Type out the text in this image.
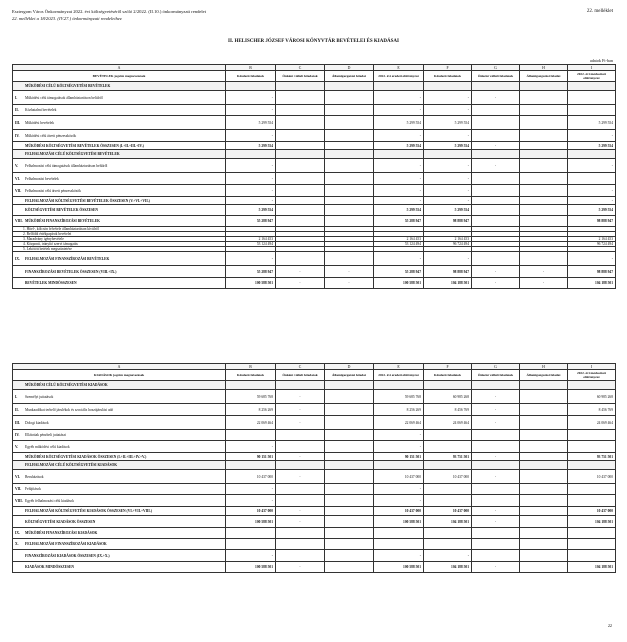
Esztergom Város Önkormányzat 2022. évi költségvetéséről szóló 2/2022. (II.10.) önkormányzati rendelet
22. melléklet a 18/2023. (IV.27.) önkormányzati rendelethez
22. melléklet
II. HELISCHER JÓZSEF VÁROSI KÖNYVTÁR BEVÉTELEI ÉS KIADÁSAI
adatok Ft-ban
A	B	C	D	E	F	G	H	I
BEVÉTELEK jogcím megnevezések	Kötelező feladatok	Önként vállalt feladatok	Államigazgatási feladat	2022. évi eredeti előirányzat	Kötelező feladatok	Önként vállalt feladatok	Államigazgatási feladat	2022. évi módosított előirányzat
MŰKÖDÉSI CÉLÚ KÖLTSÉGVETÉSI BEVÉTELEK								
I. Működési célú támogatások államháztartáson belülről	-			-	-	-		
II. Közhatalmi bevételek	-			-	-			
III. Működési bevételek	5 299 554			5 299 554	5 299 554			5 299 554
IV. Működési célú átvett pénzeszközök	-			-	-			-
MŰKÖDÉSI KÖLTSÉGVETÉSI BEVÉTELEK ÖSSZESEN (I.+II.+III.+IV.)	5 299 554			5 299 554	5 299 554	-		5 299 554
FELHALMOZÁSI CÉLÚ KÖLTSÉGVETÉSI BEVÉTELEK								
V. Felhalmozási célú támogatások államháztartáson belülről	-			-	-	-		-
VI. Felhalmozási bevételek	-			-	-			
VII. Felhalmozási célú átvett pénzeszközök	-			-	-			-
FELHALMOZÁSI KÖLTSÉGVETÉSI BEVÉTELEK ÖSSZESEN (V.+VI.+VII.)	-			-	-			-
KÖLTSÉGVETÉSI BEVÉTELEK ÖSSZESEN	5 299 554			5 299 554	5 299 554			5 299 554
VIII. MŰKÖDÉSI FINANSZÍROZÁSI BEVÉTELEK	55 288 947			55 288 947	98 888 947			98 888 947
1. Hitel-, kölcsön felvétele államháztartáson kívülről								
2. Belföldi értékpapírok bevételei								
3. Maradvány igénybevétele	2 164 453			2 164 453	2 164 453			2 164 453
4. Központi, irányító szervi támogatás	53 124 494			53 124 494	96 724 494			96 724 494
5. Lekötött betétek megszüntetése								
IX. FELHALMOZÁSI FINANSZÍROZÁSI BEVÉTELEK	-			-	-			-
FINANSZÍROZÁSI BEVÉTELEK ÖSSZESEN (VIII.+IX.)	55 288 947	-	-	55 288 947	98 888 947	-	-	98 888 947
BEVÉTELEK MINDÖSSZESEN	100 588 501	-	-	100 588 501	104 188 501	-	-	104 188 501
A	B	C	D	E	F	G	H	I
KIADÁSOK jogcím megnevezések	Kötelező feladatok	Önként vállalt feladatok	Államigazgatási feladat	2022. évi eredeti előirányzat	Kötelező feladatok	Önként vállalt feladatok	Államigazgatási feladat	2022. évi módosított előirányzat
MŰKÖDÉSI CÉLÚ KÖLTSÉGVETÉSI KIADÁSOK								
I. Személyi juttatások	59 685 768	-		59 685 768	60 985 268	-		60 985 268
II. Munkaadókat terhelő járulékok és szociális hozzájárulási adó	8 256 269	-		8 256 269	8 456 769	-		8 456 769
III. Dologi kiadások	22 069 464	-		22 069 464	24 069 464	-		24 069 464
IV. Ellátottak pénzbeli juttatásai				-				
V. Egyéb működési célú kiadások	-			-				
MŰKÖDÉSI KÖLTSÉGVETÉSI KIADÁSOK ÖSSZESEN (I.+II.+III.+IV.+V.)	90 151 501	-		90 151 501	93 751 501	-		93 751 501
FELHALMOZÁSI CÉLÚ KÖLTSÉGVETÉSI KIADÁSOK								
VI. Beruházások	10 437 000	-		10 437 000	10 437 000	-		10 437 000
VII. Felújítások	-			-				
VIII. Egyéb felhalmozási célú kiadások	-			-				
FELHALMOZÁSI KÖLTSÉGVETÉSI KIADÁSOK ÖSSZESEN (VI.+VII.+VIII.)	10 437 000	-		10 437 000	10 437 000	-		10 437 000
KÖLTSÉGVETÉSI KIADÁSOK ÖSSZESEN	100 588 501	-		100 588 501	104 188 501	-		104 188 501
IX. MŰKÖDÉSI FINANSZÍROZÁSI KIADÁSOK								
X. FELHALMOZÁSI FINANSZÍROZÁSI KIADÁSOK								
FINANSZÍROZÁSI KIADÁSOK ÖSSZESEN (IX.+X.)	-			-	-			
KIADÁSOK MINDÖSSZESEN	100 588 501	-		100 588 501	104 188 501	-		104 188 501
22
